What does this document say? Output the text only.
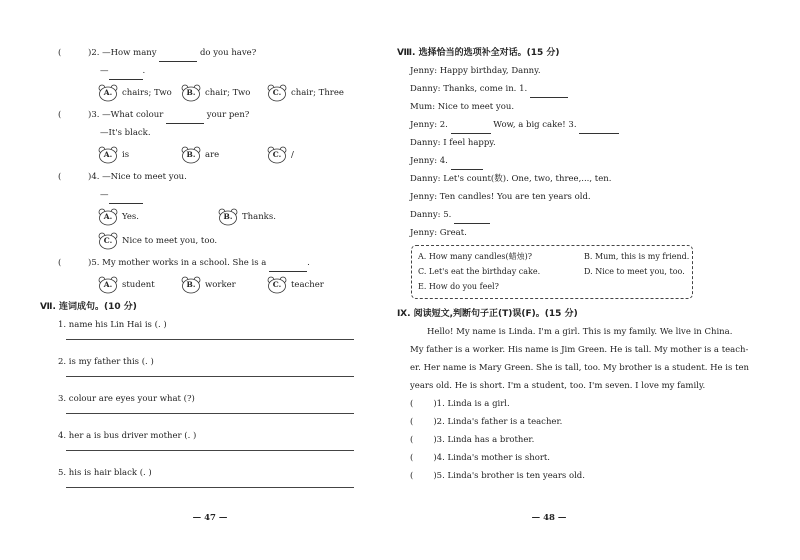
(	)2. —How many	do you have?
—	.
A.	chairs; Two	B.	chair; Two	C.	chair; Three
(	)3. —What colour	your pen?
—It's black.
A.	is	B.	are	C.	/
(	)4. —Nice to meet you.
—
A.	Yes.	B.	Thanks.
C.	Nice to meet you, too.
(	)5. My mother works in a school. She is a	.
A.	student	B.	worker	C.	teacher
Ⅶ. 连词成句。(10 分)
1. name his Lin Hai is (. )
2. is my father this (. )
3. colour are eyes your what (?)
4. her a is bus driver mother (. )
5. his is hair black (. )
— 47 —
Ⅷ. 选择恰当的选项补全对话。(15 分)
Jenny: Happy birthday, Danny.
Danny: Thanks, come in. 1.
Mum: Nice to meet you.
Jenny: 2.	Wow, a big cake! 3.
Danny: I feel happy.
Jenny: 4.
Danny: Let's count(数). One, two, three,..., ten.
Jenny: Ten candles! You are ten years old.
Danny: 5.
Jenny: Great.
A. How many candles(蜡烛)?	B. Mum, this is my friend.
C. Let's eat the birthday cake.	D. Nice to meet you, too.
E. How do you feel?
Ⅸ. 阅读短文,判断句子正(T)误(F)。(15 分)
Hello! My name is Linda. I'm a girl. This is my family. We live in China.
My father is a worker. His name is Jim Green. He is tall. My mother is a teach-
er. Her name is Mary Green. She is tall, too. My brother is a student. He is ten
years old. He is short. I'm a student, too. I'm seven. I love my family.
( )1. Linda is a girl.
( )2. Linda's father is a teacher.
( )3. Linda has a brother.
( )4. Linda's mother is short.
( )5. Linda's brother is ten years old.
— 48 —
